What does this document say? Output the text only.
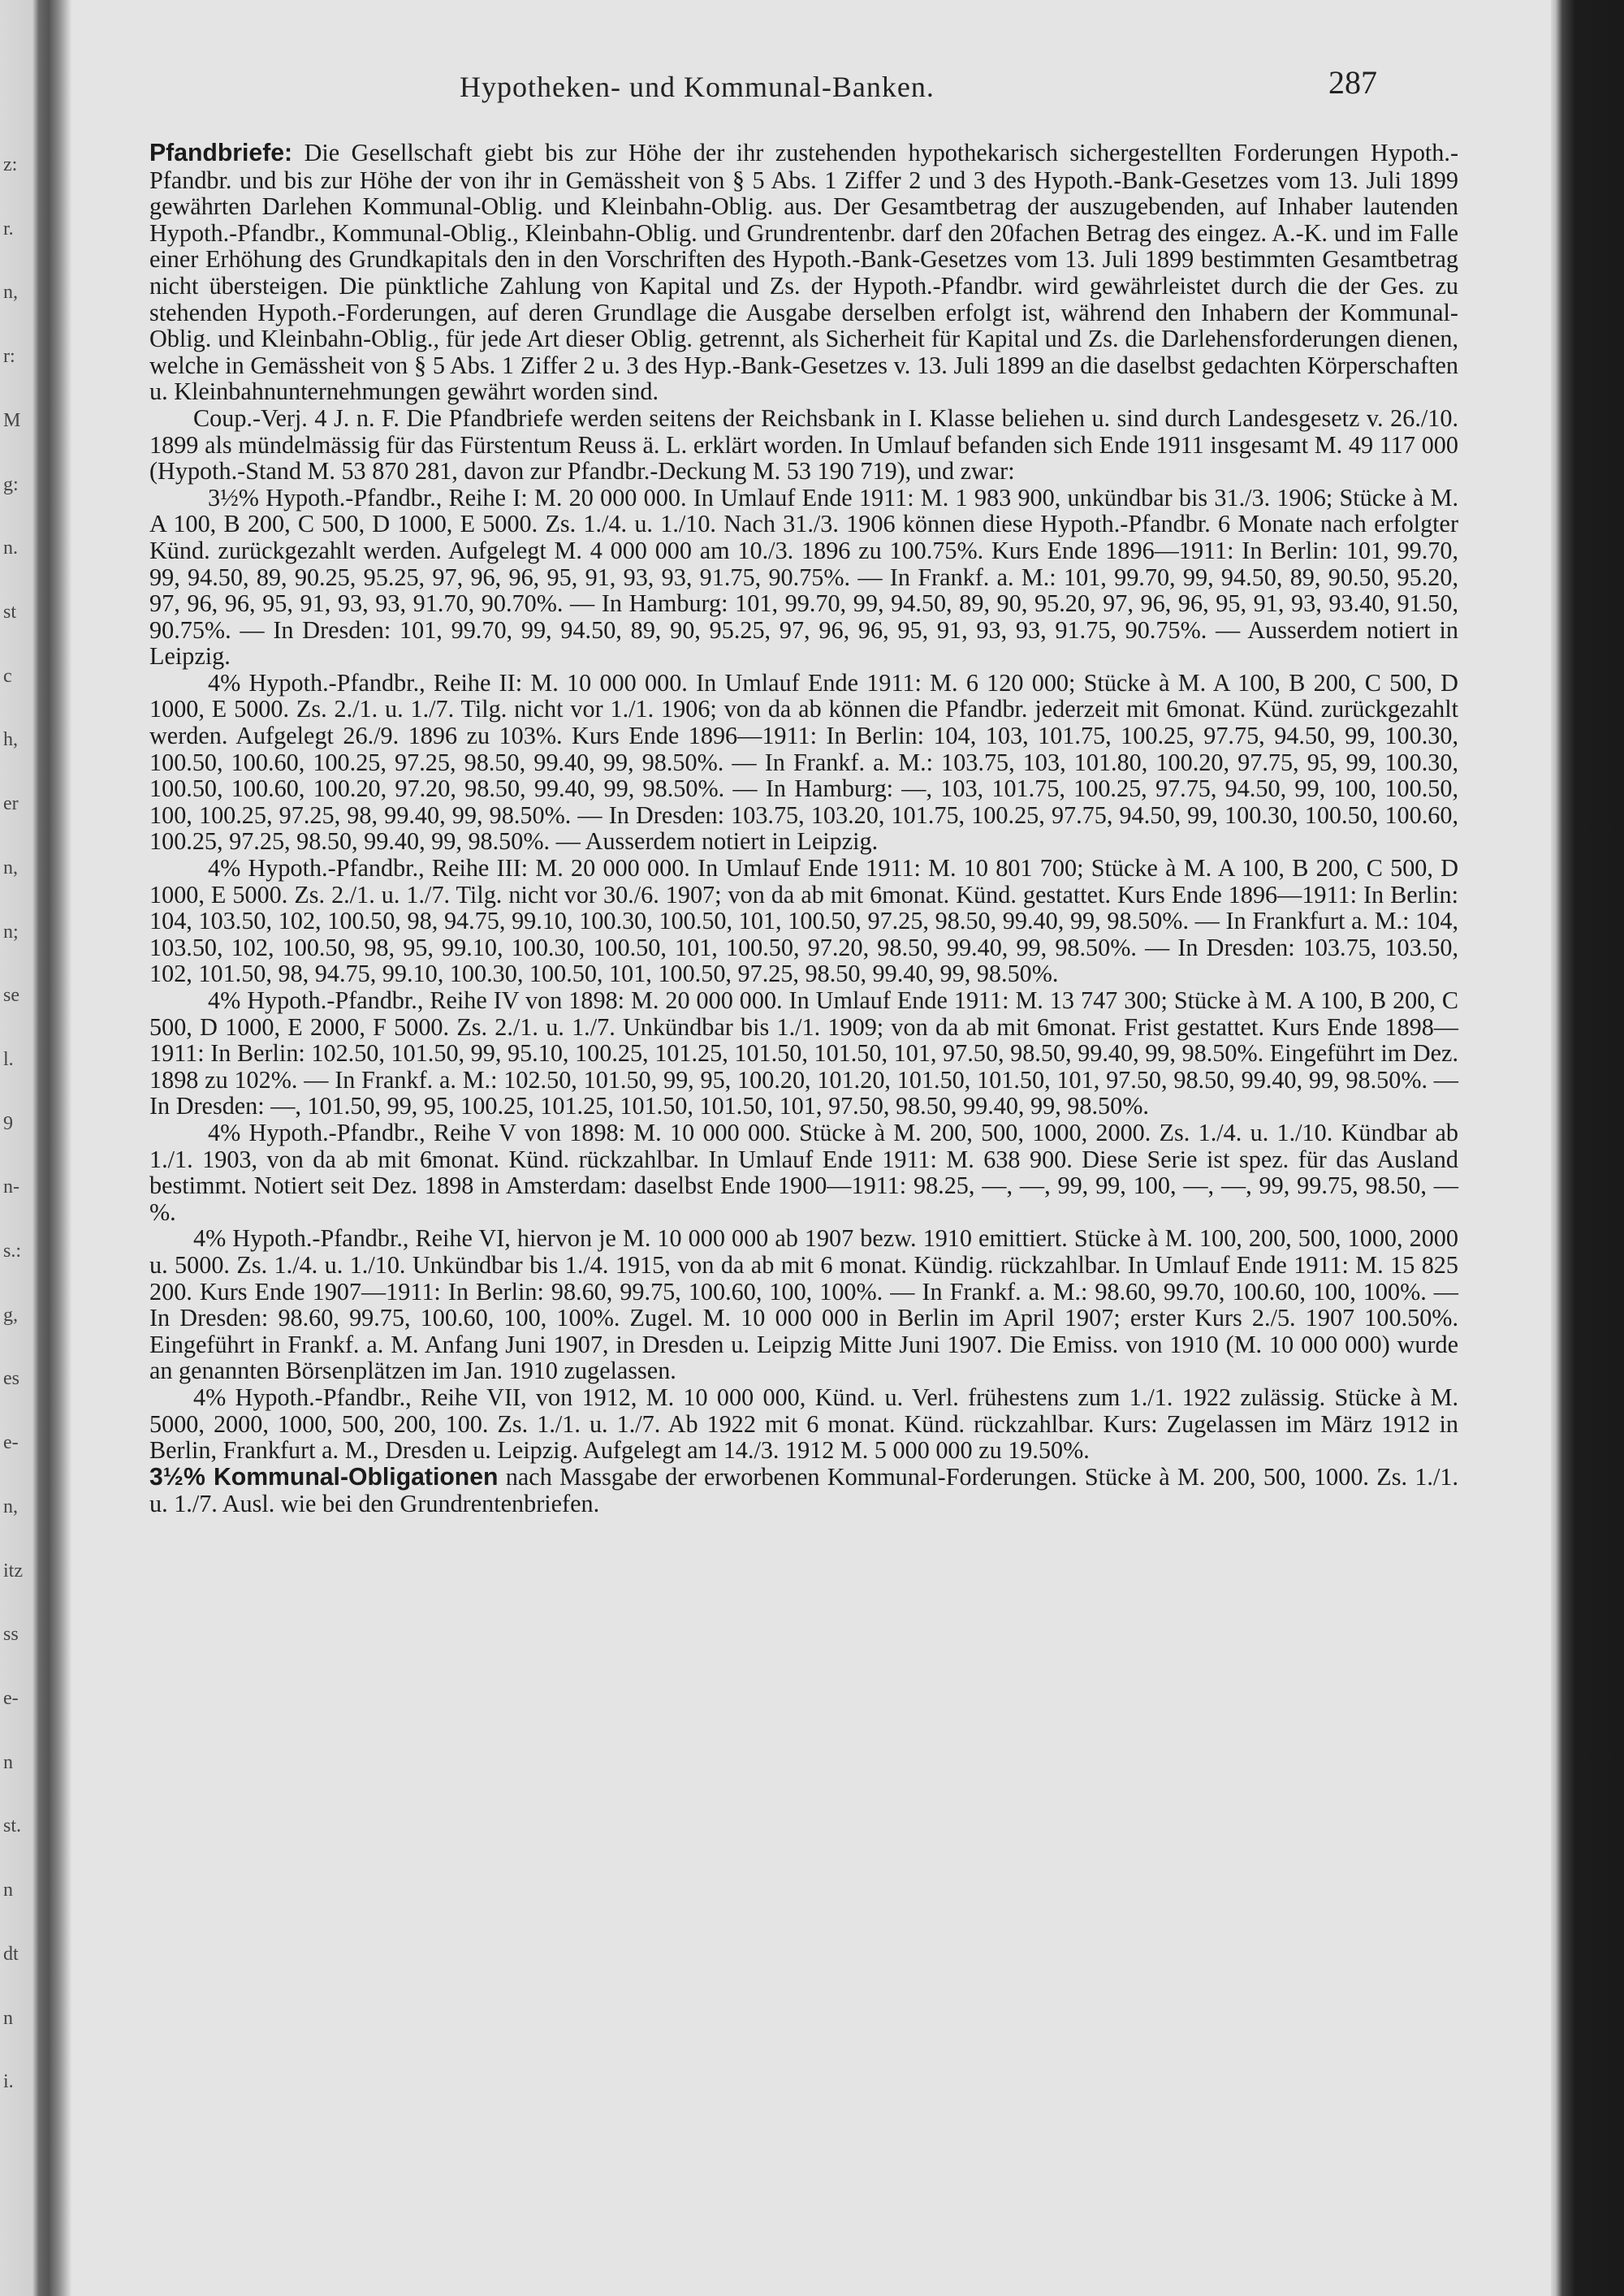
z:
r.
n,
r:
M
g:
n.
st
c
h,
er
n,
n;
se
l.
9
n-
s.:
g,
es
e-
n,
itz
ss
e-
n
st.
n
dt
n
i.
Hypotheken- und Kommunal-Banken.	287

Pfandbriefe: Die Gesellschaft giebt bis zur Höhe der ihr zustehenden hypothekarisch sichergestellten Forderungen Hypoth.-Pfandbr. und bis zur Höhe der von ihr in Gemässheit von § 5 Abs. 1 Ziffer 2 und 3 des Hypoth.-Bank-Gesetzes vom 13. Juli 1899 gewährten Darlehen Kommunal-Oblig. und Kleinbahn-Oblig. aus. Der Gesamtbetrag der auszugebenden, auf Inhaber lautenden Hypoth.-Pfandbr., Kommunal-Oblig., Kleinbahn-Oblig. und Grundrentenbr. darf den 20fachen Betrag des eingez. A.-K. und im Falle einer Erhöhung des Grundkapitals den in den Vorschriften des Hypoth.-Bank-Gesetzes vom 13. Juli 1899 bestimmten Gesamtbetrag nicht übersteigen. Die pünktliche Zahlung von Kapital und Zs. der Hypoth.-Pfandbr. wird gewährleistet durch die der Ges. zu stehenden Hypoth.-Forderungen, auf deren Grundlage die Ausgabe derselben erfolgt ist, während den Inhabern der Kommunal-Oblig. und Kleinbahn-Oblig., für jede Art dieser Oblig. getrennt, als Sicherheit für Kapital und Zs. die Darlehensforderungen dienen, welche in Gemässheit von § 5 Abs. 1 Ziffer 2 u. 3 des Hyp.-Bank-Gesetzes v. 13. Juli 1899 an die daselbst gedachten Körperschaften u. Kleinbahnunternehmungen gewährt worden sind.

Coup.-Verj. 4 J. n. F. Die Pfandbriefe werden seitens der Reichsbank in I. Klasse beliehen u. sind durch Landesgesetz v. 26./10. 1899 als mündelmässig für das Fürstentum Reuss ä. L. erklärt worden. In Umlauf befanden sich Ende 1911 insgesamt M. 49 117 000 (Hypoth.-Stand M. 53 870 281, davon zur Pfandbr.-Deckung M. 53 190 719), und zwar:

3½% Hypoth.-Pfandbr., Reihe I: M. 20 000 000. In Umlauf Ende 1911: M. 1 983 900, unkündbar bis 31./3. 1906; Stücke à M. A 100, B 200, C 500, D 1000, E 5000. Zs. 1./4. u. 1./10. Nach 31./3. 1906 können diese Hypoth.-Pfandbr. 6 Monate nach erfolgter Künd. zurückgezahlt werden. Aufgelegt M. 4 000 000 am 10./3. 1896 zu 100.75%. Kurs Ende 1896—1911: In Berlin: 101, 99.70, 99, 94.50, 89, 90.25, 95.25, 97, 96, 96, 95, 91, 93, 93, 91.75, 90.75%. — In Frankf. a. M.: 101, 99.70, 99, 94.50, 89, 90.50, 95.20, 97, 96, 96, 95, 91, 93, 93, 91.70, 90.70%. — In Hamburg: 101, 99.70, 99, 94.50, 89, 90, 95.20, 97, 96, 96, 95, 91, 93, 93.40, 91.50, 90.75%. — In Dresden: 101, 99.70, 99, 94.50, 89, 90, 95.25, 97, 96, 96, 95, 91, 93, 93, 91.75, 90.75%. — Ausserdem notiert in Leipzig.

4% Hypoth.-Pfandbr., Reihe II: M. 10 000 000. In Umlauf Ende 1911: M. 6 120 000; Stücke à M. A 100, B 200, C 500, D 1000, E 5000. Zs. 2./1. u. 1./7. Tilg. nicht vor 1./1. 1906; von da ab können die Pfandbr. jederzeit mit 6monat. Künd. zurückgezahlt werden. Aufgelegt 26./9. 1896 zu 103%. Kurs Ende 1896—1911: In Berlin: 104, 103, 101.75, 100.25, 97.75, 94.50, 99, 100.30, 100.50, 100.60, 100.25, 97.25, 98.50, 99.40, 99, 98.50%. — In Frankf. a. M.: 103.75, 103, 101.80, 100.20, 97.75, 95, 99, 100.30, 100.50, 100.60, 100.20, 97.20, 98.50, 99.40, 99, 98.50%. — In Hamburg: —, 103, 101.75, 100.25, 97.75, 94.50, 99, 100, 100.50, 100, 100.25, 97.25, 98, 99.40, 99, 98.50%. — In Dresden: 103.75, 103.20, 101.75, 100.25, 97.75, 94.50, 99, 100.30, 100.50, 100.60, 100.25, 97.25, 98.50, 99.40, 99, 98.50%. — Ausserdem notiert in Leipzig.

4% Hypoth.-Pfandbr., Reihe III: M. 20 000 000. In Umlauf Ende 1911: M. 10 801 700; Stücke à M. A 100, B 200, C 500, D 1000, E 5000. Zs. 2./1. u. 1./7. Tilg. nicht vor 30./6. 1907; von da ab mit 6monat. Künd. gestattet. Kurs Ende 1896—1911: In Berlin: 104, 103.50, 102, 100.50, 98, 94.75, 99.10, 100.30, 100.50, 101, 100.50, 97.25, 98.50, 99.40, 99, 98.50%. — In Frankfurt a. M.: 104, 103.50, 102, 100.50, 98, 95, 99.10, 100.30, 100.50, 101, 100.50, 97.20, 98.50, 99.40, 99, 98.50%. — In Dresden: 103.75, 103.50, 102, 101.50, 98, 94.75, 99.10, 100.30, 100.50, 101, 100.50, 97.25, 98.50, 99.40, 99, 98.50%.

4% Hypoth.-Pfandbr., Reihe IV von 1898: M. 20 000 000. In Umlauf Ende 1911: M. 13 747 300; Stücke à M. A 100, B 200, C 500, D 1000, E 2000, F 5000. Zs. 2./1. u. 1./7. Unkündbar bis 1./1. 1909; von da ab mit 6monat. Frist gestattet. Kurs Ende 1898—1911: In Berlin: 102.50, 101.50, 99, 95.10, 100.25, 101.25, 101.50, 101.50, 101, 97.50, 98.50, 99.40, 99, 98.50%. Eingeführt im Dez. 1898 zu 102%. — In Frankf. a. M.: 102.50, 101.50, 99, 95, 100.20, 101.20, 101.50, 101.50, 101, 97.50, 98.50, 99.40, 99, 98.50%. — In Dresden: —, 101.50, 99, 95, 100.25, 101.25, 101.50, 101.50, 101, 97.50, 98.50, 99.40, 99, 98.50%.

4% Hypoth.-Pfandbr., Reihe V von 1898: M. 10 000 000. Stücke à M. 200, 500, 1000, 2000. Zs. 1./4. u. 1./10. Kündbar ab 1./1. 1903, von da ab mit 6monat. Künd. rückzahlbar. In Umlauf Ende 1911: M. 638 900. Diese Serie ist spez. für das Ausland bestimmt. Notiert seit Dez. 1898 in Amsterdam: daselbst Ende 1900—1911: 98.25, —, —, 99, 99, 100, —, —, 99, 99.75, 98.50, —%.

4% Hypoth.-Pfandbr., Reihe VI, hiervon je M. 10 000 000 ab 1907 bezw. 1910 emittiert. Stücke à M. 100, 200, 500, 1000, 2000 u. 5000. Zs. 1./4. u. 1./10. Unkündbar bis 1./4. 1915, von da ab mit 6 monat. Kündig. rückzahlbar. In Umlauf Ende 1911: M. 15 825 200. Kurs Ende 1907—1911: In Berlin: 98.60, 99.75, 100.60, 100, 100%. — In Frankf. a. M.: 98.60, 99.70, 100.60, 100, 100%. — In Dresden: 98.60, 99.75, 100.60, 100, 100%. Zugel. M. 10 000 000 in Berlin im April 1907; erster Kurs 2./5. 1907 100.50%. Eingeführt in Frankf. a. M. Anfang Juni 1907, in Dresden u. Leipzig Mitte Juni 1907. Die Emiss. von 1910 (M. 10 000 000) wurde an genannten Börsenplätzen im Jan. 1910 zugelassen.

4% Hypoth.-Pfandbr., Reihe VII, von 1912, M. 10 000 000, Künd. u. Verl. frühestens zum 1./1. 1922 zulässig. Stücke à M. 5000, 2000, 1000, 500, 200, 100. Zs. 1./1. u. 1./7. Ab 1922 mit 6 monat. Künd. rückzahlbar. Kurs: Zugelassen im März 1912 in Berlin, Frankfurt a. M., Dresden u. Leipzig. Aufgelegt am 14./3. 1912 M. 5 000 000 zu 19.50%.

3½% Kommunal-Obligationen nach Massgabe der erworbenen Kommunal-Forderungen. Stücke à M. 200, 500, 1000. Zs. 1./1. u. 1./7. Ausl. wie bei den Grundrentenbriefen.
